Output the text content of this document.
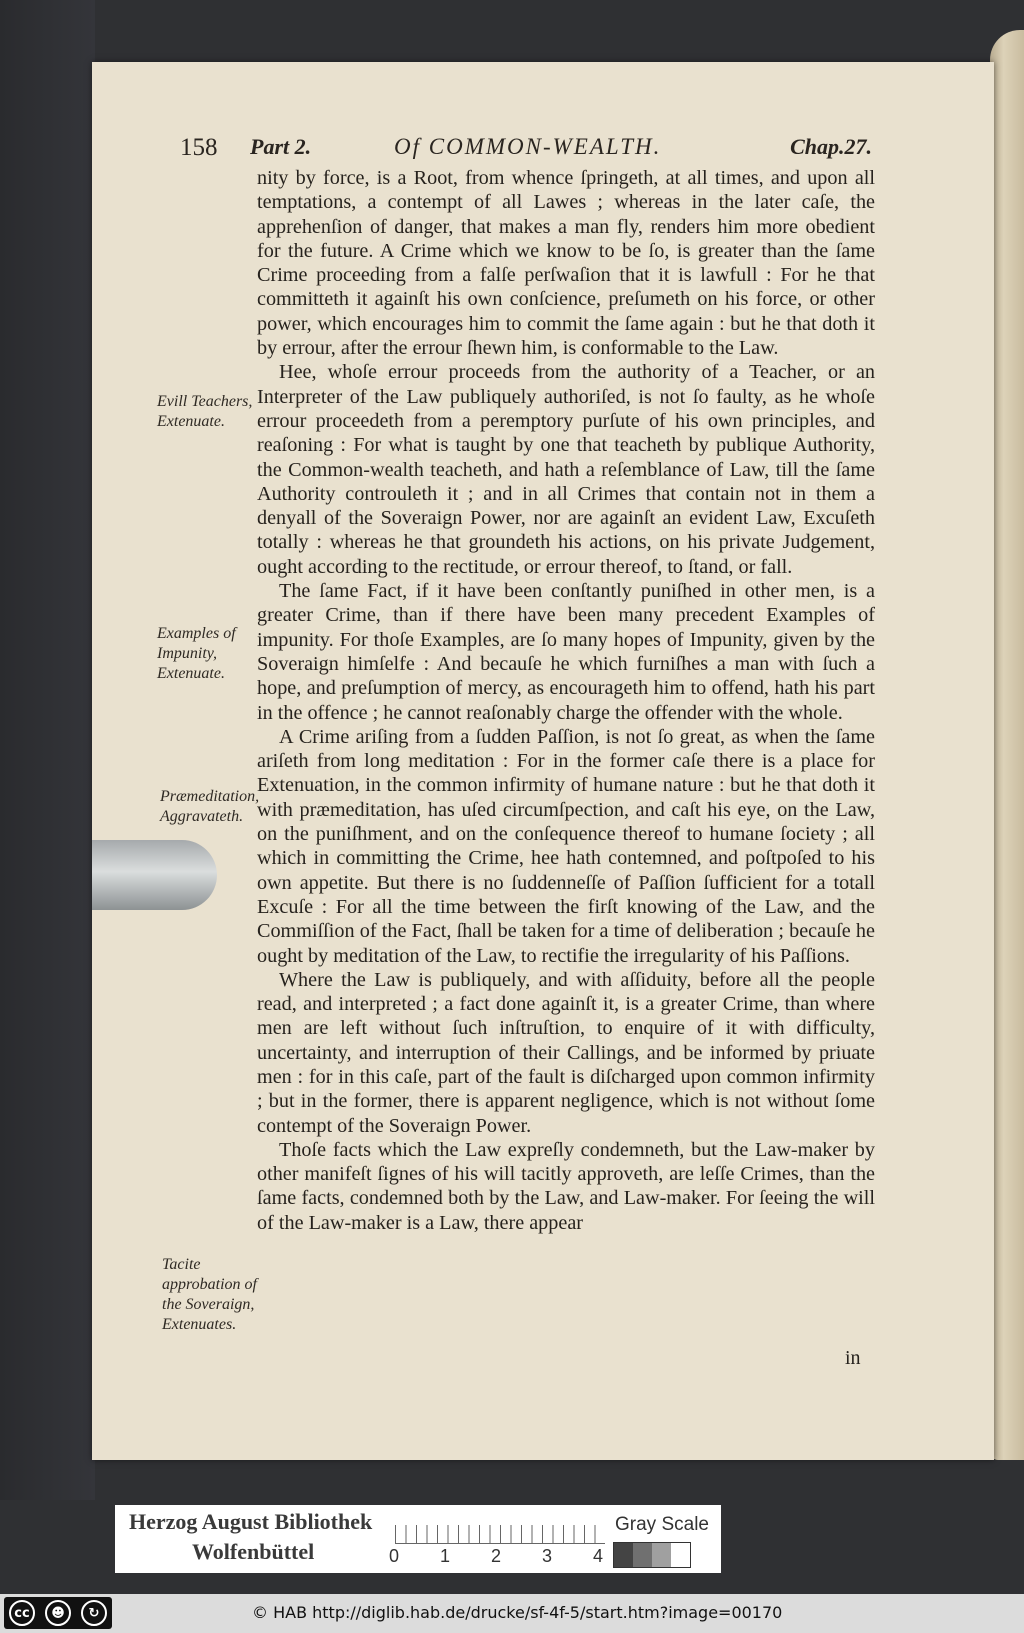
158 Part 2.	Of COMMON-WEALTH.	Chap.27.

nity by force, is a Root, from whence ſpringeth, at all times, and upon all temptations, a contempt of all Lawes ; whereas in the later caſe, the apprehenſion of danger, that makes a man fly, renders him more obedient for the future. A Crime which we know to be ſo, is greater than the ſame Crime proceeding from a falſe perſwaſion that it is lawfull : For he that committeth it againſt his own conſcience, preſumeth on his force, or other power, which encourages him to commit the ſame again : but he that doth it by errour, after the errour ſhewn him, is conformable to the Law.

Hee, whoſe errour proceeds from the authority of a Teacher, or an Interpreter of the Law publiquely authoriſed, is not ſo faulty, as he whoſe errour proceedeth from a peremptory purſute of his own principles, and reaſoning : For what is taught by one that teacheth by publique Authority, the Common-wealth teacheth, and hath a reſemblance of Law, till the ſame Authority controuleth it ; and in all Crimes that contain not in them a denyall of the Soveraign Power, nor are againſt an evident Law, Excuſeth totally : whereas he that groundeth his actions, on his private Judgement, ought according to the rectitude, or errour thereof, to ſtand, or fall.

The ſame Fact, if it have been conſtantly puniſhed in other men, is a greater Crime, than if there have been many precedent Examples of impunity. For thoſe Examples, are ſo many hopes of Impunity, given by the Soveraign himſelfe : And becauſe he which furniſhes a man with ſuch a hope, and preſumption of mercy, as encourageth him to offend, hath his part in the offence ; he cannot reaſonably charge the offender with the whole.

A Crime ariſing from a ſudden Paſſion, is not ſo great, as when the ſame ariſeth from long meditation : For in the former caſe there is a place for Extenuation, in the common infirmity of humane nature : but he that doth it with præmeditation, has uſed circumſpection, and caſt his eye, on the Law, on the puniſhment, and on the conſequence thereof to humane ſociety ; all which in committing the Crime, hee hath contemned, and poſtpoſed to his own appetite. But there is no ſuddenneſſe of Paſſion ſufficient for a totall Excuſe : For all the time between the firſt knowing of the Law, and the Commiſſion of the Fact, ſhall be taken for a time of deliberation ; becauſe he ought by meditation of the Law, to rectifie the irregularity of his Paſſions.

Where the Law is publiquely, and with aſſiduity, before all the people read, and interpreted ; a fact done againſt it, is a greater Crime, than where men are left without ſuch inſtruſtion, to enquire of it with difficulty, uncertainty, and interruption of their Callings, and be informed by priuate men : for in this caſe, part of the fault is diſcharged upon common infirmity ; but in the former, there is apparent negligence, which is not without ſome contempt of the Soveraign Power.

Thoſe facts which the Law expreſly condemneth, but the Law-maker by other manifeſt ſignes of his will tacitly approveth, are leſſe Crimes, than the ſame facts, condemned both by the Law, and Law-maker. For ſeeing the will of the Law-maker is a Law, there appear

in
Evill Teachers, Extenuate.
Examples of Impunity, Extenuate.
Præmeditation, Aggravateth.
Tacite approbation of the Soveraign, Extenuates.
Herzog August Bibliothek
Wolfenbüttel	0 1 2 3 4
Gray Scale
cc	☻	↻	© HAB http://diglib.hab.de/drucke/sf-4f-5/start.htm?image=00170
